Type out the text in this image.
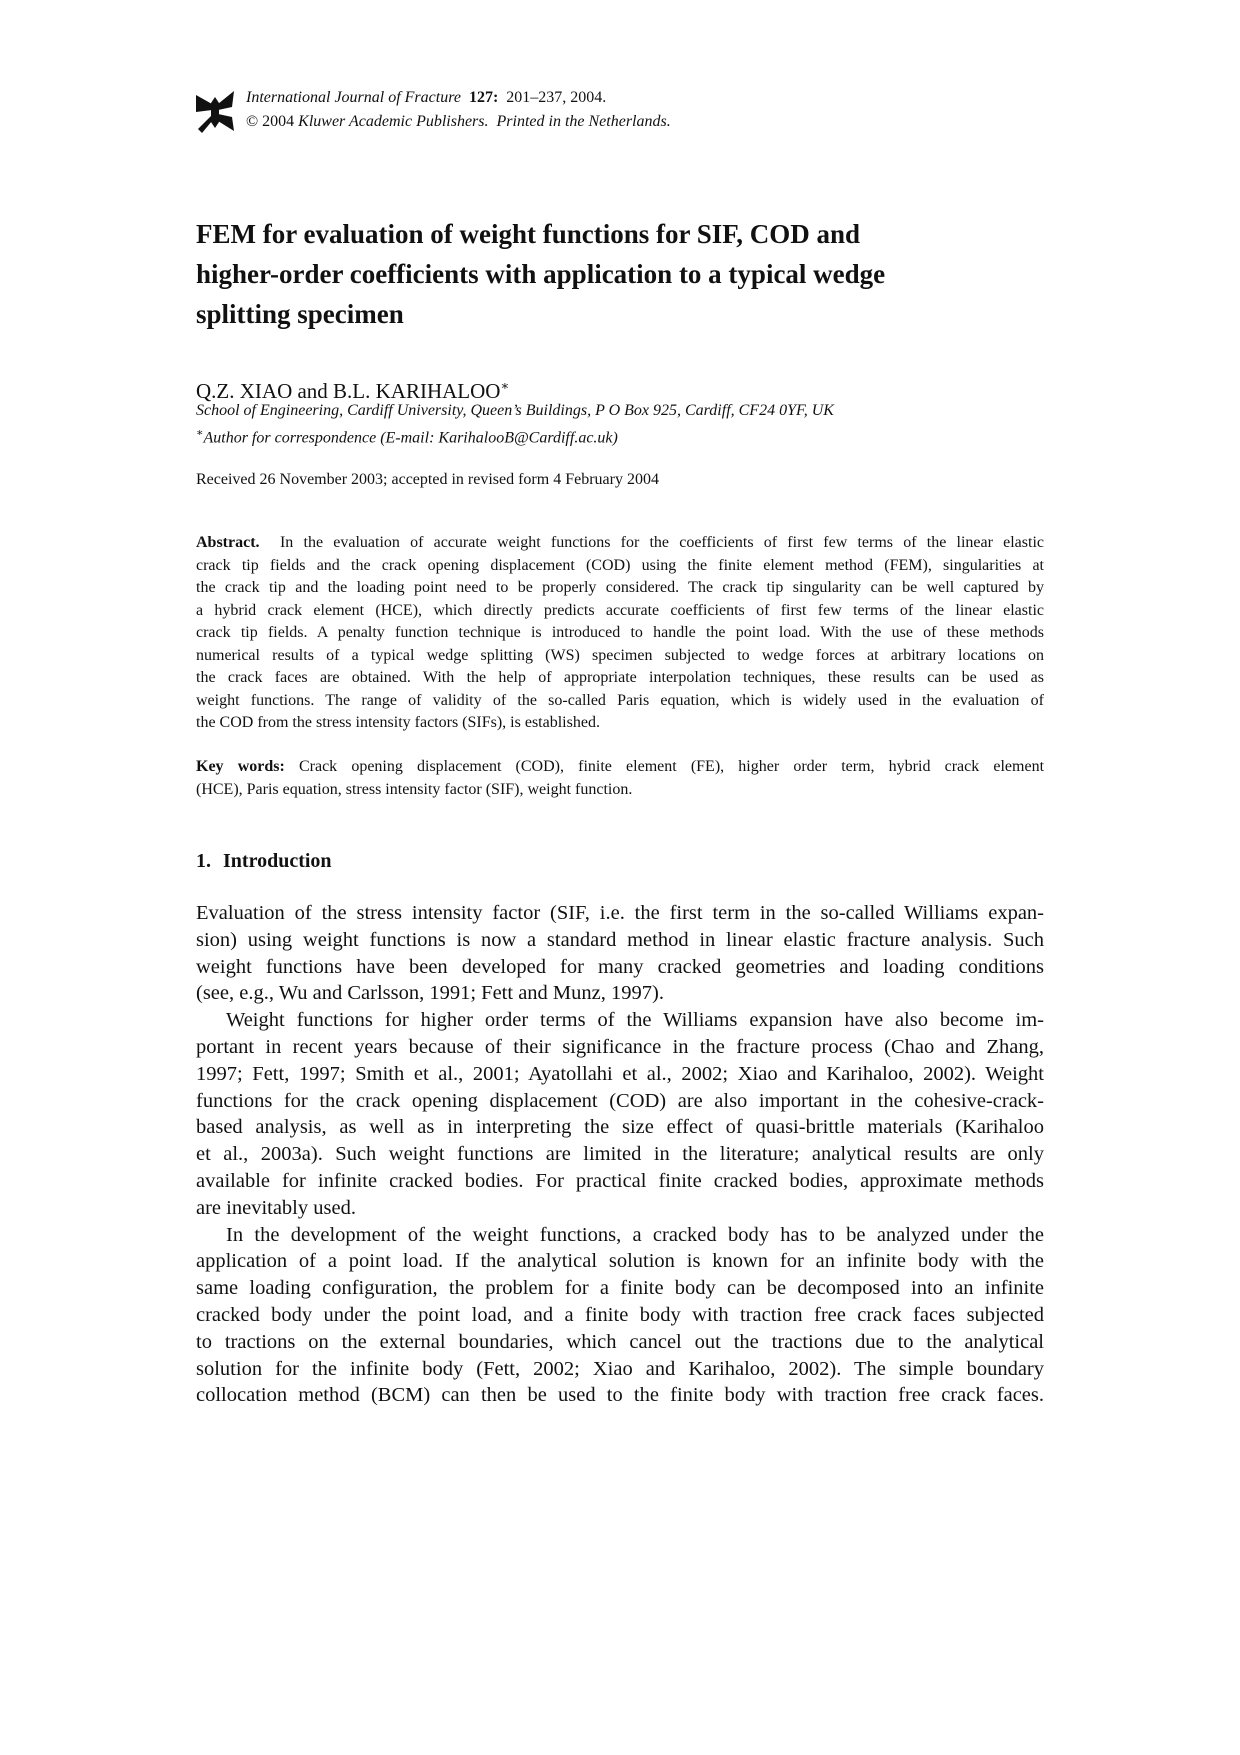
International Journal of Fracture 127: 201–237, 2004.
© 2004 Kluwer Academic Publishers. Printed in the Netherlands.
FEM for evaluation of weight functions for SIF, COD and
higher-order coefficients with application to a typical wedge
splitting specimen
Q.Z. XIAO and B.L. KARIHALOO∗
School of Engineering, Cardiff University, Queen’s Buildings, P O Box 925, Cardiff, CF24 0YF, UK
∗Author for correspondence (E-mail: KarihalooB@Cardiff.ac.uk)
Received 26 November 2003; accepted in revised form 4 February 2004
Abstract. In the evaluation of accurate weight functions for the coefficients of first few terms of the linear elastic
crack tip fields and the crack opening displacement (COD) using the finite element method (FEM), singularities at
the crack tip and the loading point need to be properly considered. The crack tip singularity can be well captured by
a hybrid crack element (HCE), which directly predicts accurate coefficients of first few terms of the linear elastic
crack tip fields. A penalty function technique is introduced to handle the point load. With the use of these methods
numerical results of a typical wedge splitting (WS) specimen subjected to wedge forces at arbitrary locations on
the crack faces are obtained. With the help of appropriate interpolation techniques, these results can be used as
weight functions. The range of validity of the so-called Paris equation, which is widely used in the evaluation of
the COD from the stress intensity factors (SIFs), is established.
Key words: Crack opening displacement (COD), finite element (FE), higher order term, hybrid crack element
(HCE), Paris equation, stress intensity factor (SIF), weight function.
1. Introduction
Evaluation of the stress intensity factor (SIF, i.e. the first term in the so-called Williams expan-
sion) using weight functions is now a standard method in linear elastic fracture analysis. Such
weight functions have been developed for many cracked geometries and loading conditions
(see, e.g., Wu and Carlsson, 1991; Fett and Munz, 1997).
Weight functions for higher order terms of the Williams expansion have also become im-
portant in recent years because of their significance in the fracture process (Chao and Zhang,
1997; Fett, 1997; Smith et al., 2001; Ayatollahi et al., 2002; Xiao and Karihaloo, 2002). Weight
functions for the crack opening displacement (COD) are also important in the cohesive-crack-
based analysis, as well as in interpreting the size effect of quasi-brittle materials (Karihaloo
et al., 2003a). Such weight functions are limited in the literature; analytical results are only
available for infinite cracked bodies. For practical finite cracked bodies, approximate methods
are inevitably used.
In the development of the weight functions, a cracked body has to be analyzed under the
application of a point load. If the analytical solution is known for an infinite body with the
same loading configuration, the problem for a finite body can be decomposed into an infinite
cracked body under the point load, and a finite body with traction free crack faces subjected
to tractions on the external boundaries, which cancel out the tractions due to the analytical
solution for the infinite body (Fett, 2002; Xiao and Karihaloo, 2002). The simple boundary
collocation method (BCM) can then be used to the finite body with traction free crack faces.
